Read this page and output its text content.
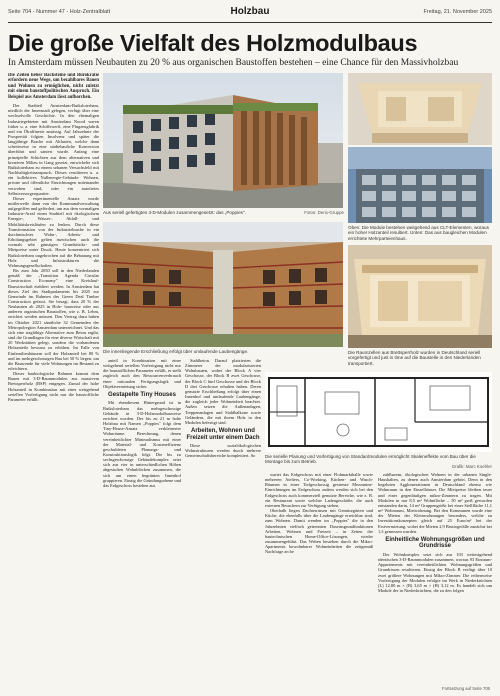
Seite 704 - Nummer 47 - Holz-Zentralblatt	Holzbau	Freitag, 21. November 2025
Die große Vielfalt des Holzmodulbaus
In Amsterdam müssen Neubauten zu 20 % aus organischen Baustoffen bestehen – eine Chance für den Massivholzbau

Die Zeiten lieber Backsteine und Bürokratie erfordern neue Wege, um bezahlbares Bauen und Wohnen zu ermöglichen, nicht zuletzt mit einem baustoffpolitischen Anspruch. Ein Beispiel aus Amsterdam lässt aufhorchen.

Der Stadtteil Amsterdam-Buiksloterham, nördlich der Innenstadt gelegen, verfügt über eine wechselvolle Geschichte. In den ehemaligen Industriegebieten mit Amsterdam Noord waren früher u. a. eine Schiffswerft, eine Flugzeugfabrik und ein Ölraffinerie ansässig. Auf Jahrzehnte der Prosperität folgten Insolvenz und später die langjährige Brache mit Altlasten, welche dann schrittweise in eine städtebauliche Konversion überführt und saniert wurde. Anfang eine prinzipielle Schichten aus dem alternativen und kreativen Milieu in Gang gesetzt, entwickelte sich Buiksloterham zu einem urbanen Versuchsfeld mit Nachhaltigkeitsanspruch. Dieses resultieren u. a. ein kollektives Nullenergie-Gebäude: Wohnen, private und öffentliche Einrichtungen miteinander verwoben sind, oder ein autofreies Selbstversorgerquartier.

Dieser experimentelle Ansatz wurde mittlerweile dann von der Kommunalverwaltung aufgegriffen und gefördert, um aus dem vormaligen Industrie-Areal einen Stadtteil mit ökologischem Energie-, Wasser-, Abfall- und Mobilitätskreisläufen zu lenken. Durch diese Transformation von der Industriebrache in ein durchmischtes Wohn-, Arbeits- und Erholungsgebiet gelten inzwischen auch die vormals sehr günstigen Grundstücks- und Mietpreise unter Druck. Heute konzentriert sich Buiksloterham ungebrochen auf die Bebauung mit Holz und Infrastrukturen die Wohnungsgesellschaften.

Bis zum Jahr 2050 soll in den Niederlanden gemäß der „Transition Agenda Circular Construction Economy" eine Kreislauf-Bauwirtschaft etabliert werden. In Amsterdam hat dieses Ziel des Stadtparlaments bis 2025 zur Gemeinde im Rahmen des Green Deal Timber Construction gefasst. Sie besagt, dass 20 % der Neubauten ab 2025 in Holz- bauweise oder aus anderen organischen Baustoffen, wie z. B. Lehm, errichtet werden müssen. Den Vertrag dazu haben im Oktober 2021 sämtliche 32 Gemeinden der Metropolregion Amsterdam unterzeichnet. Und das sich eine tragfähige Alternative zum Beton ergibt, sind die Grundlagen für eine diverse Wirtschaft mit 20 Werkstätten gelegt, sondern die vorhandenen Holzanteile bewusst zu erhöhen. Im Falle von Einfamilienhäusern soll der Holzanteil bei 80 % und im mehrgeschossigen Bau bei 50 % liegen, um die Bauwende für viele Wohnungen im Bestand zu erleichtern.

Dieser baubiologische Rahmen kommt dem Bauen mit 3-D-Raummodulen aus massivem Brettsperrholz (BSP) entgegen. Zumal der hohe Holzanteil in Kombination mit einer weitgehend seriellen Vorfertigung nicht nur die baustoffliche Parameter erfüllt.

Aus seriell gefertigten 3-D-Modulen zusammengesetzt: das „Poppies".	Fotos: Derix-Gruppe
Oben: Die Module bestehen weitgehend aus CLT-Elementen, woraus ein hoher Holzanteil resultiert. Unten: Das aus baugleichen Modulen errichtete Mehrparteienhaus.
Die innenliegende Erschließung erfolgt über umlaufende Laubengänge.	Die Raumzellen aus Brettsperrholz wurden in Deutschland seriell vorgefertigt und just in time auf die Baustelle in den Niederlanden transportiert.
Die serielle Planung und Vorfertigung von Standardmodulen ermöglicht Skaleneffekte vom Bau über die Montage bis zum Betrieb.
Grafik: Marc Koehler

anteil in Kombination mit einer weitgehend seriellen Vorfertigung nicht nur die baustofflichen Parameter erfüllt, er stellt zugleich auch den Ressourcenverbrauch einer rationalen Fertigungslogik und Objektvermietung sicher.

Gestapelte Tiny Houses

Mit ebendiesem Hintergrund ist in Buiksloterham das mehrgeschossige Gebäude in 3-D-Holzmodulbauweise errichtet worden. Der bis zu 21 m hohe Holzbau mit Namen „Poppies" folgt dem Tiny-House-Ansatz verkleinerter Wohnräume. Berechnung, denen vereinheitlichter Minimalismus mit einer der Material- und Kosteneffizienz geschuldeten Planungs- und Konstruktionslogik folgt. Die bis zu sechsgeschossige Gebäudekomplex setzt sich aus vier in unterschiedlichen Höhen abgestuften Wohnblöcken zusammen, die sich um einen begrünten Innenhof gruppieren. Einzig die Gründungsebene und das Erdgeschoss bestehen aus

Stahlbeton. Darauf platzierten die Zimmerer der modularisierten Wohnbauten, wobei der Block A vier Geschosse, der Block B zwei Geschosse, der Block C fünf Geschosse und der Block D drei Geschosse erhalten haben. Deren genutzte Erschließung erfolgt über einen Innenhof und umlaufende Laubengänge, die zugleich jeder Wohneinheit beachtet. Außen setzen die Außenanlagen, Treppenanlagen und Stahlbalkone sowie Geländern, die mit ihrem Holz in den Modulen befestigt sind.

Arbeiten, Wohnen und Freizeit unter einem Dach

Diese sozialökologischen Wohnstrukturen werden durch mehrere Gemeinschaftsbereiche komplettiert. So

wartet das Erdgeschoss mit einer Flohmarkthalle sowie mehreren Ateliers, Co-Working, Küchen- und Wasch-Räumen in einer Tiefgeschossig gestreute Mezzanine-Einrichtungen im Erdgeschoss zudem werden sich bei den Erdgeschoss auch kommerziell genutzte Bereiche, wie z. B. ein Restaurant sowie welcher Ladengeschäfte, die auch externen Besuchern zur Verfügung stehen.

Oberhalb liegen Dachterrassen mit Gemüsegärten und Küche, die ebenfalls über die Laubengänge erreichbar sind, zum Wohnen. Damit wenden im „Poppies" die in den Jahrzehnten vielfach getrennten Daseinsgrundfunktionen Arbeiten, Wohnen und Freizeit – in Zeiten der bautechnischen Home-Office-Lösungen, wieder zusammengeführt. Das Weben bestehen durch die Mikro-Apartments bewohnbarer Wohneinheiten die zeitgemäß Nachfrage an be

zahlbarem, ökologischen Wohnen in der urbanen Single-Haushalten, zu denen auch Amsterdam gehört. Denn in den begehrten Agglomerationen in Deutschland ebenso wie Wohnraum in den Einzelhäuser. Die Mietpreise bleiben teuer und einer gegenläufigen mikro-Zimmern zu tragen. Mit Modulen in nur 8,5 m² Wohnfläche – 50 m² groß geworden entstanden darin, 14 m² Gruppengröße bei einer Stellfläche 11,1 m² Wohnraum, Mietwohnung. Bei den Kommunen wurde eine der Mieten der Kleinwohnungen besonders, welche zu Investitionskonzepten gleich auf 25 Euro/m² bei der Erstvermietung, wobei die Mieten 2,9 Bruttogefälle zunächst bei 1,3 gemessen wurden.

Einheitliche Wohnungsgrößen und Grundrisse

Der Wohnkomplex setzt sich aus 103 weitestgehend identischen 3-D-Raummodulen zusammen, woraus 93 Einraum-Appartements mit vereinheitlichten Wohnungsgrößen und Grundrissen resultieren. Einzig der Block B verfügt über 10 zwei größere Wohnungen mit Mikro-Zimmer. Die reihenweise Vorfertigung der Modulen erfolgte im Werk in Niederkrüchten (L) 12,80 m × (B) 3,65 m × (H) 3,12 m. Es handelt sich um Module der in Niederkrüchten, die zu den folgen

Fortsetzung auf Seite 706
